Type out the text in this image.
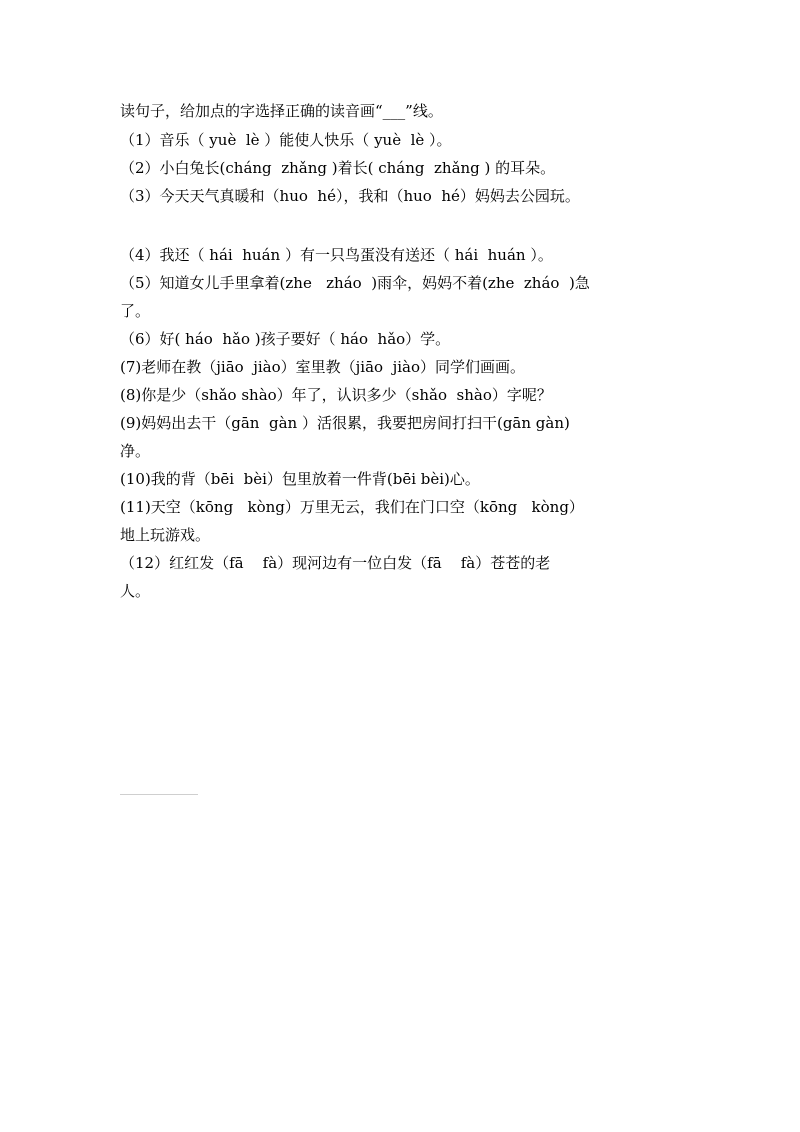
读句子，给加点的字选择正确的读音画“___”线。

（1）音乐（ yuè  lè ）能使人快乐（ yuè  lè ）。

（2）小白兔长(cháng  zhǎng )着长( cháng  zhǎng ) 的耳朵。

（3）今天天气真暖和（huo  hé），我和（huo  hé）妈妈去公园玩。

（4）我还（ hái  huán ）有一只鸟蛋没有送还（ hái  huán ）。

（5）知道女儿手里拿着(zhe   zháo  )雨伞，妈妈不着(zhe  zháo  )急

了。

（6）好( háo  hǎo )孩子要好（ háo  hǎo）学。

(7)老师在教（jiāo  jiào）室里教（jiāo  jiào）同学们画画。

(8)你是少（shǎo shào）年了，认识多少（shǎo  shào）字呢？

(9)妈妈出去干（gān  gàn ）活很累，我要把房间打扫干(gān gàn)

净。

(10)我的背（bēi  bèi）包里放着一件背(bēi bèi)心。

(11)天空（kōng   kòng）万里无云，我们在门口空（kōng   kòng）

地上玩游戏。

（12）红红发（fā    fà）现河边有一位白发（fā    fà）苍苍的老

人。
